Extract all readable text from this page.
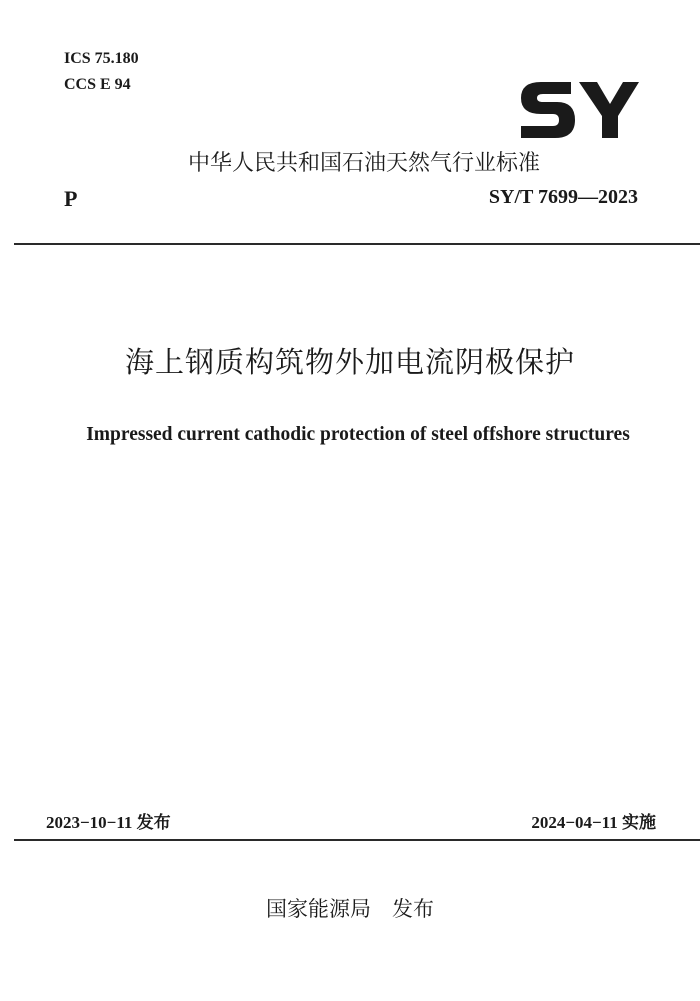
ICS 75.180
CCS E 94
中华人民共和国石油天然气行业标准
P	SY/T 7699—2023
海上钢质构筑物外加电流阴极保护
Impressed current cathodic protection of steel offshore structures
2023−10−11 发布	2024−04−11 实施
国家能源局　发布
